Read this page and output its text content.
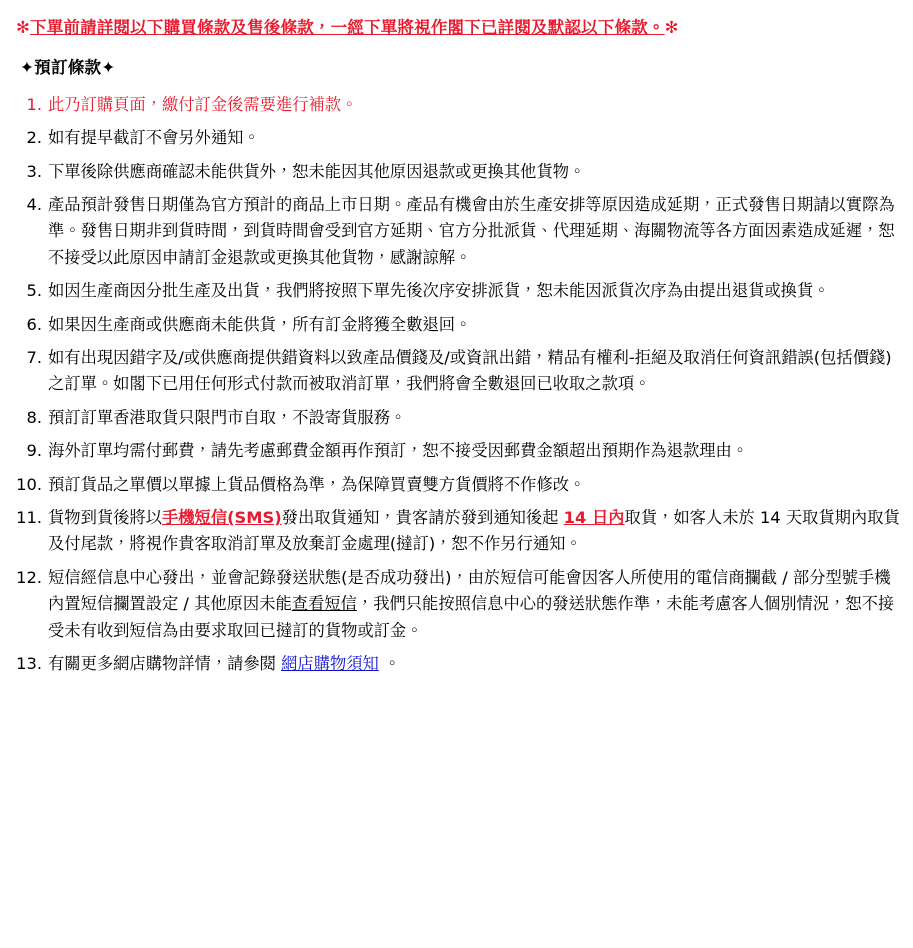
✻下單前請詳閱以下購買條款及售後條款，一經下單將視作閣下已詳閱及默認以下條款。✻
✦預訂條款✦
此乃訂購頁面，繳付訂金後需要進行補款。
如有提早截訂不會另外通知。
下單後除供應商確認未能供貨外，恕未能因其他原因退款或更換其他貨物。
產品預計發售日期僅為官方預計的商品上市日期。產品有機會由於生產安排等原因造成延期，正式發售日期請以實際為準。發售日期非到貨時間，到貨時間會受到官方延期、官方分批派貨、代理延期、海關物流等各方面因素造成延遲，恕不接受以此原因申請訂金退款或更換其他貨物，感謝諒解。
如因生產商因分批生產及出貨，我們將按照下單先後次序安排派貨，恕未能因派貨次序為由提出退貨或換貨。
如果因生產商或供應商未能供貨，所有訂金將獲全數退回。
如有出現因錯字及/或供應商提供錯資料以致產品價錢及/或資訊出錯，精品有權利-拒絕及取消任何資訊錯誤(包括價錢) 之訂單。如閣下已用任何形式付款而被取消訂單，我們將會全數退回已收取之款項。
預訂訂單香港取貨只限門市自取，不設寄貨服務。
海外訂單均需付郵費，請先考慮郵費金額再作預訂，恕不接受因郵費金額超出預期作為退款理由。
預訂貨品之單價以單據上貨品價格為準，為保障買賣雙方貨價將不作修改。
貨物到貨後將以手機短信(SMS)發出取貨通知，貴客請於發到通知後起 14 日內取貨，如客人未於 14 天取貨期內取貨及付尾款，將視作貴客取消訂單及放棄訂金處理(撻訂)，恕不作另行通知。
短信經信息中心發出，並會記錄發送狀態(是否成功發出)，由於短信可能會因客人所使用的電信商攔截 / 部分型號手機內置短信攔置設定 / 其他原因未能查看短信，我們只能按照信息中心的發送狀態作準，未能考慮客人個別情況，恕不接受未有收到短信為由要求取回已撻訂的貨物或訂金。
有關更多網店購物詳情，請參閱 網店購物須知 。
